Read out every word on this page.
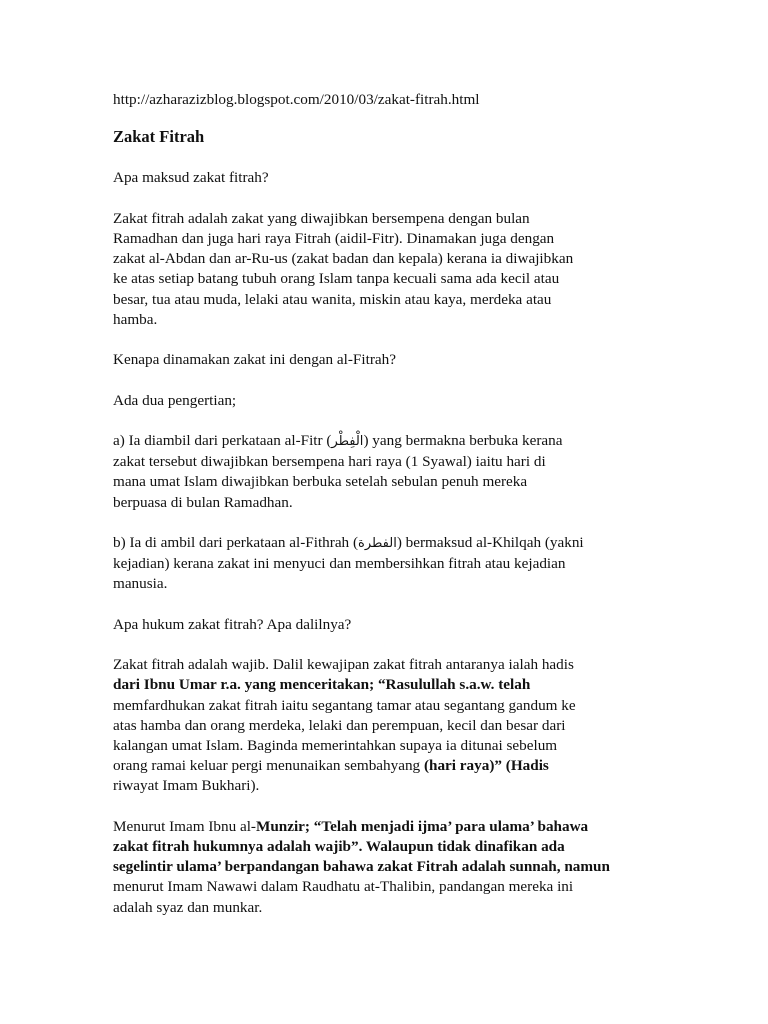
http://azharazizblog.blogspot.com/2010/03/zakat-fitrah.html

Zakat Fitrah

Apa maksud zakat fitrah?

Zakat fitrah adalah zakat yang diwajibkan bersempena dengan bulan
Ramadhan dan juga hari raya Fitrah (aidil-Fitr). Dinamakan juga dengan
zakat al-Abdan dan ar-Ru-us (zakat badan dan kepala) kerana ia diwajibkan
ke atas setiap batang tubuh orang Islam tanpa kecuali sama ada kecil atau
besar, tua atau muda, lelaki atau wanita, miskin atau kaya, merdeka atau
hamba.

Kenapa dinamakan zakat ini dengan al-Fitrah?

Ada dua pengertian;

a) Ia diambil dari perkataan al-Fitr (الْفِطْر) yang bermakna berbuka kerana
zakat tersebut diwajibkan bersempena hari raya (1 Syawal) iaitu hari di
mana umat Islam diwajibkan berbuka setelah sebulan penuh mereka
berpuasa di bulan Ramadhan.

b) Ia di ambil dari perkataan al-Fithrah (الفطرة) bermaksud al-Khilqah (yakni
kejadian) kerana zakat ini menyuci dan membersihkan fitrah atau kejadian
manusia.

Apa hukum zakat fitrah? Apa dalilnya?

Zakat fitrah adalah wajib. Dalil kewajipan zakat fitrah antaranya ialah hadis
dari Ibnu Umar r.a. yang menceritakan; “Rasulullah s.a.w. telah
memfardhukan zakat fitrah iaitu segantang tamar atau segantang gandum ke
atas hamba dan orang merdeka, lelaki dan perempuan, kecil dan besar dari
kalangan umat Islam. Baginda memerintahkan supaya ia ditunai sebelum
orang ramai keluar pergi menunaikan sembahyang (hari raya)” (Hadis
riwayat Imam Bukhari).

Menurut Imam Ibnu al-Munzir; “Telah menjadi ijma’ para ulama’ bahawa
zakat fitrah hukumnya adalah wajib”. Walaupun tidak dinafikan ada
segelintir ulama’ berpandangan bahawa zakat Fitrah adalah sunnah, namun
menurut Imam Nawawi dalam Raudhatu at-Thalibin, pandangan mereka ini
adalah syaz dan munkar.
